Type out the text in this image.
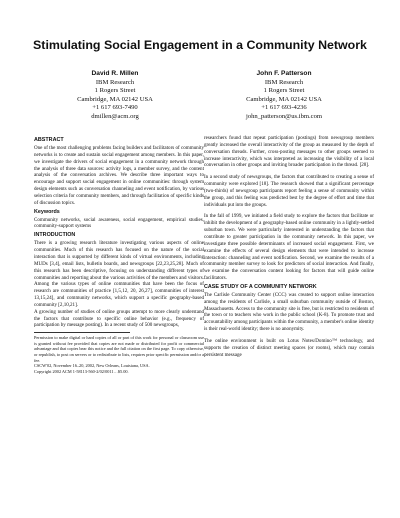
Stimulating Social Engagement in a Community Network
David R. Millen
IBM Research
1 Rogers Street
Cambridge, MA 02142 USA
+1 617 693-7490
dmillen@acm.org
John F. Patterson
IBM Research
1 Rogers Street
Cambridge, MA 02142 USA
+1 617 693-4236
john_patterson@us.ibm.com
ABSTRACT

One of the most challenging problems facing builders and facilitators of community networks is to create and sustain social engagement among members. In this paper, we investigate the drivers of social engagement in a community network through the analysis of three data sources: activity logs, a member survey, and the content analysis of the conversation archives. We describe three important ways to encourage and support social engagement in online communities: through system design elements such as conversation channeling and event notification, by various selection criteria for community members, and through facilitation of specific kinds of discussion topics.

Keywords

Community networks, social awareness, social engagement, empirical studies, community-support systems

INTRODUCTION

There is a growing research literature investigating various aspects of online communities. Much of this research has focused on the nature of the social interaction that is supported by different kinds of virtual environments, including MUDs [3,4], email lists, bulletin boards, and newsgroups [22,23,25,28]. Much of this research has been descriptive, focusing on understanding different types of communities and reporting about the various activities of the members and visitors. Among the various types of online communities that have been the focus of research are communities of practice [1,5,12, 20, 26,27], communities of interest 13,15,24], and community networks, which support a specific geography-based community [2,10,21].

A growing number of studies of online groups attempt to more clearly understand the factors that contribute to specific online behavior (e.g., frequency of participation by message posting). In a recent study of 500 newsgroups,

Permission to make digital or hard copies of all or part of this work for personal or classroom use is granted without fee provided that copies are not made or distributed for profit or commercial advantage and that copies bear this notice and the full citation on the first page. To copy otherwise, or republish, to post on servers or to redistribute to lists, requires prior specific permission and/or a fee.

CSCW'02, November 16–20, 2002, New Orleans, Louisiana, USA.

Copyright 2002 ACM 1-58113-560-2/02/0011…$5.00.

researchers found that repeat participation (postings) from newsgroup members greatly increased the overall interactivity of the group as measured by the depth of conversation threads. Further, cross-posting messages to other groups seemed to increase interactivity, which was interpreted as increasing the visibility of a local conversation in other groups and inviting broader participation in the thread. [28].

In a second study of newsgroups, the factors that contributed to creating a sense of community were explored [18]. The research showed that a significant percentage (two-thirds) of newsgroup participants report feeling a sense of community within the group, and this feeling was predicted best by the degree of effort and time that individuals put into the groups.

In the fall of 1999, we initiated a field study to explore the factors that facilitate or inhibit the development of a geography-based online community in a lightly-settled suburban town. We were particularly interested in understanding the factors that contribute to greater participation in the community network. In this paper, we investigate three possible determinants of increased social engagement. First, we examine the effects of several design elements that were intended to increase interaction: channeling and event notification. Second, we examine the results of a community member survey to look for predictors of social interaction. And finally, we examine the conversation content looking for factors that will guide online facilitators.

CASE STUDY OF A COMMUNITY NETWORK

The Carlisle Community Center (CCC) was created to support online interaction among the residents of Carlisle, a small suburban community outside of Boston, Massachusetts. Access to the community site is free, but is restricted to residents of the town or to teachers who work in the public school (K-8). To promote trust and accountability among participants within the community, a member's online identity is their real-world identity; there is no anonymity.

The online environment is built on Lotus Notes/Domino™ technology, and supports the creation of distinct meeting spaces (or rooms), which may contain persistent message
